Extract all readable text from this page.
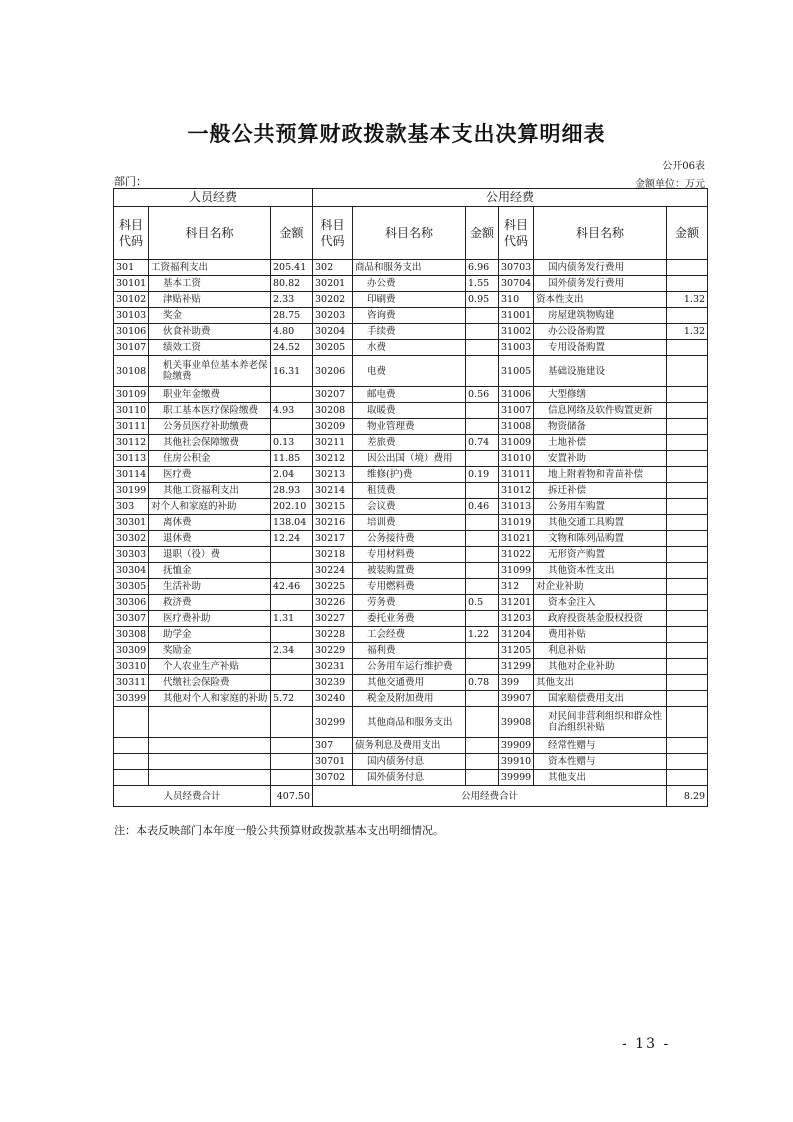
一般公共预算财政拨款基本支出决算明细表
公开06表
部门：	金额单位：万元
人员经费			公用经费					
科目代码	科目名称	金额	科目代码	科目名称	金额	科目代码	科目名称	金额
301	工资福利支出	205.41	302	商品和服务支出	6.96	30703	国内债务发行费用	
30101	基本工资	80.82	30201	办公费	1.55	30704	国外债务发行费用	
30102	津贴补贴	2.33	30202	印刷费	0.95	310	资本性支出	1.32
30103	奖金	28.75	30203	咨询费		31001	房屋建筑物购建	
30106	伙食补助费	4.80	30204	手续费		31002	办公设备购置	1.32
30107	绩效工资	24.52	30205	水费		31003	专用设备购置	
30108	机关事业单位基本养老保险缴费	16.31	30206	电费		31005	基础设施建设	
30109	职业年金缴费		30207	邮电费	0.56	31006	大型修缮	
30110	职工基本医疗保险缴费	4.93	30208	取暖费		31007	信息网络及软件购置更新	
30111	公务员医疗补助缴费		30209	物业管理费		31008	物资储备	
30112	其他社会保障缴费	0.13	30211	差旅费	0.74	31009	土地补偿	
30113	住房公积金	11.85	30212	因公出国（境）费用		31010	安置补助	
30114	医疗费	2.04	30213	维修(护)费	0.19	31011	地上附着物和青苗补偿	
30199	其他工资福利支出	28.93	30214	租赁费		31012	拆迁补偿	
303	对个人和家庭的补助	202.10	30215	会议费	0.46	31013	公务用车购置	
30301	离休费	138.04	30216	培训费		31019	其他交通工具购置	
30302	退休费	12.24	30217	公务接待费		31021	文物和陈列品购置	
30303	退职（役）费		30218	专用材料费		31022	无形资产购置	
30304	抚恤金		30224	被装购置费		31099	其他资本性支出	
30305	生活补助	42.46	30225	专用燃料费		312	对企业补助	
30306	救济费		30226	劳务费	0.5	31201	资本金注入	
30307	医疗费补助	1.31	30227	委托业务费		31203	政府投资基金股权投资	
30308	助学金		30228	工会经费	1.22	31204	费用补贴	
30309	奖励金	2.34	30229	福利费		31205	利息补贴	
30310	个人农业生产补贴		30231	公务用车运行维护费		31299	其他对企业补助	
30311	代缴社会保险费		30239	其他交通费用	0.78	399	其他支出	
30399	其他对个人和家庭的补助	5.72	30240	税金及附加费用		39907	国家赔偿费用支出	
			30299	其他商品和服务支出		39908	对民间非营利组织和群众性自治组织补贴	
			307	债务利息及费用支出		39909	经常性赠与	
			30701	国内债务付息		39910	资本性赠与	
			30702	国外债务付息		39999	其他支出	
人员经费合计		407.50	公用经费合计					8.29
注：本表反映部门本年度一般公共预算财政拨款基本支出明细情况。
- 13 -
